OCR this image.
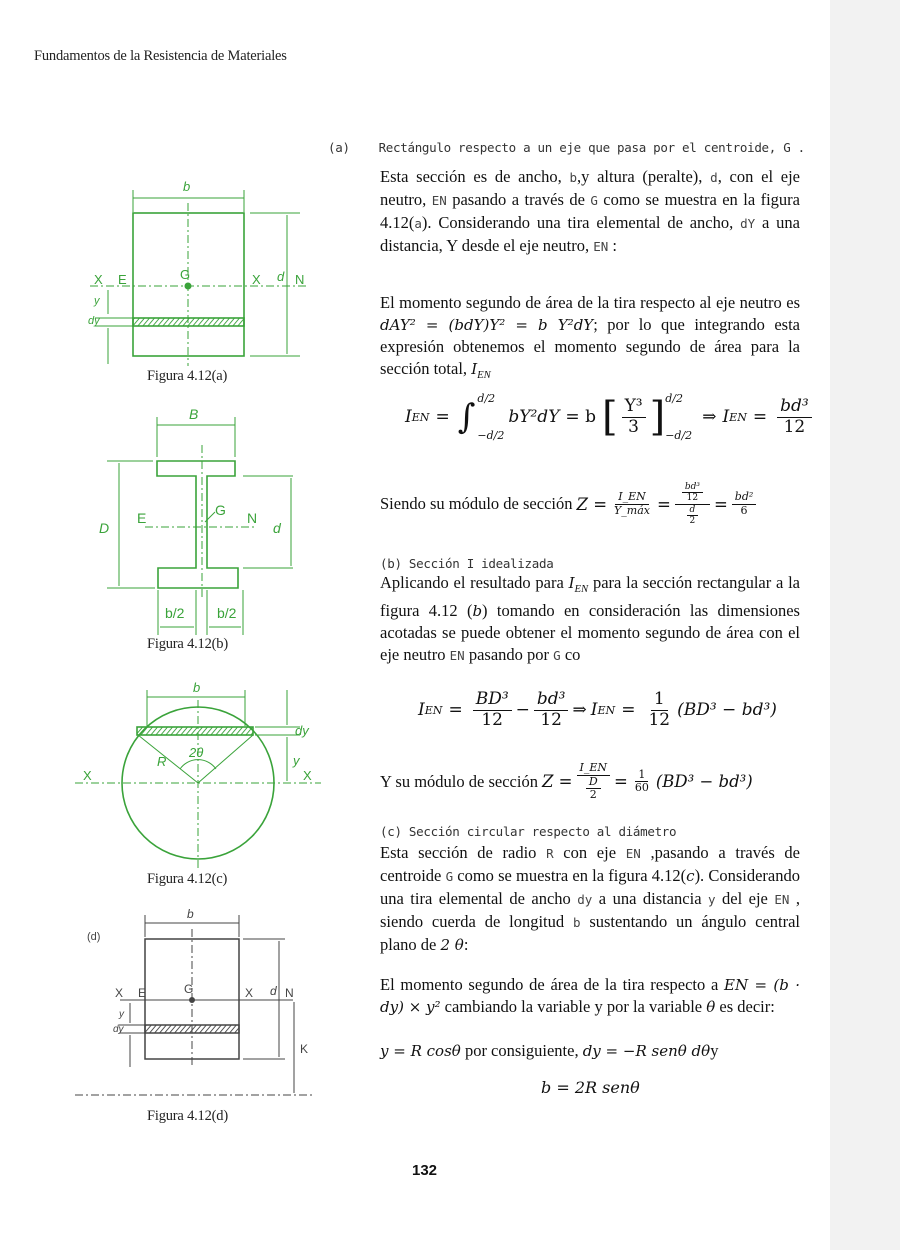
Fundamentos de la Resistencia de Materiales
(a)    Rectángulo respecto a un eje que pasa por el centroide, G .
Esta sección es de ancho, b,y altura (peralte), d, con el eje neutro, EN pasando a través de G como se muestra en la figura 4.12(a). Considerando una tira elemental de ancho, dY a una distancia, Y desde el eje neutro, EN :
El momento segundo de área de la tira respecto al eje neutro es dAY² = (bdY)Y² = b Y²dY; por lo que integrando esta expresión obtenemos el momento segundo de área para la sección total, $I_{EN}$
I EN = ∫ d/2
−d/2
bY²dY = b [ $\frac{\text{Y³}}{3}$ ] d/2
−d/2
⇒ I EN = $\frac{\text{bd³}}{12}$
Siendo su módulo de sección $Z = \frac{I\_EN}{\text{Y\_máx}} = \frac{\frac{\text{bd³}}{12}}{\frac{d}{2}} = \frac{\text{bd²}}{6}$
(b) Sección I idealizada
Aplicando el resultado para $I_{EN}$ para la sección rectangular a la figura 4.12 (b) tomando en consideración las dimensiones acotadas se puede obtener el momento segundo de área con el eje neutro EN pasando por G co
I EN = $\frac{\text{BD³}}{12} - \frac{\text{bd³}}{12}$ ⇒ I EN = $\frac{1}{12} (BD^3 - bd^3)$
Y su módulo de sección $Z = \frac{I\_EN}{\frac{D}{2}} = \frac{1}{60} (BD^3 - bd^3)$
(c) Sección circular respecto al diámetro
Esta sección de radio R con eje EN ,pasando a través de centroide G como se muestra en la figura 4.12(c). Considerando una tira elemental de ancho dy a una distancia y del eje EN , siendo cuerda de longitud b sustentando un ángulo central plano de 2 θ:
El momento segundo de área de la tira respecto a EN = (b · dy) × y² cambiando la variable y por la variable θ es decir:
y = R cosθ por consiguiente, dy = −R senθ dθy
b = 2R senθ
b
X E	G	X d N
y
dy
Figura 4.12(a)
B
D
E	G N
d
b/2 b/2
Figura 4.12(b)
b
dy
2θ
R	y
X	X
Figura 4.12(c)
(d)
b
X E	G	X d N
y
dy
K
Figura 4.12(d)
132
